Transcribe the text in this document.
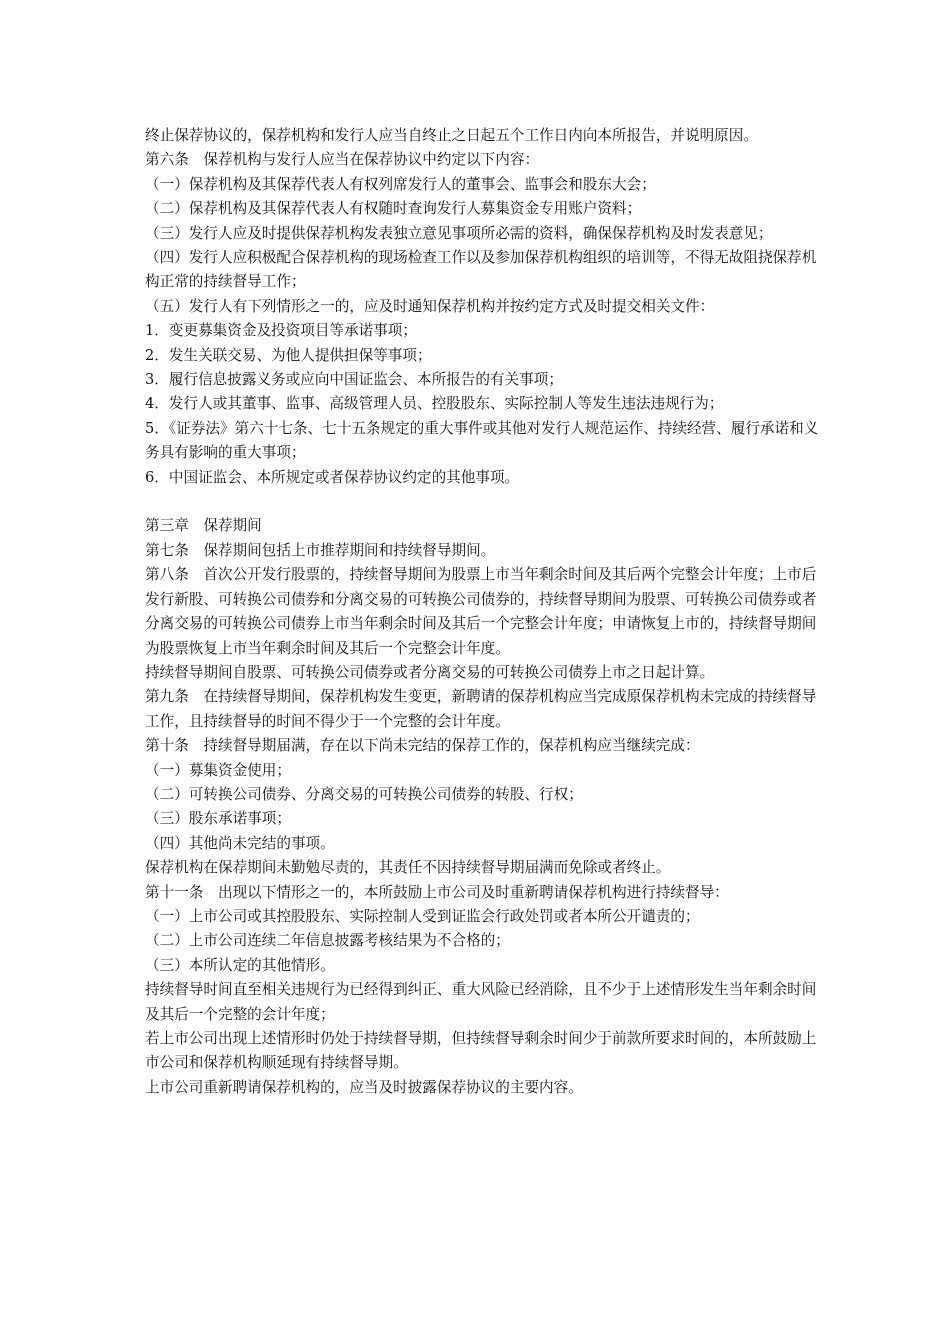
终止保荐协议的，保荐机构和发行人应当自终止之日起五个工作日内向本所报告，并说明原因。

第六条　保荐机构与发行人应当在保荐协议中约定以下内容：

（一）保荐机构及其保荐代表人有权列席发行人的董事会、监事会和股东大会；

（二）保荐机构及其保荐代表人有权随时查询发行人募集资金专用账户资料；

（三）发行人应及时提供保荐机构发表独立意见事项所必需的资料，确保保荐机构及时发表意见；

（四）发行人应积极配合保荐机构的现场检查工作以及参加保荐机构组织的培训等，不得无故阻挠保荐机构正常的持续督导工作；

（五）发行人有下列情形之一的，应及时通知保荐机构并按约定方式及时提交相关文件：

1．变更募集资金及投资项目等承诺事项；

2．发生关联交易、为他人提供担保等事项；

3．履行信息披露义务或应向中国证监会、本所报告的有关事项；

4．发行人或其董事、监事、高级管理人员、控股股东、实际控制人等发生违法违规行为；

5．《证券法》第六十七条、七十五条规定的重大事件或其他对发行人规范运作、持续经营、履行承诺和义务具有影响的重大事项；

6．中国证监会、本所规定或者保荐协议约定的其他事项。

第三章　保荐期间

第七条　保荐期间包括上市推荐期间和持续督导期间。

第八条　首次公开发行股票的，持续督导期间为股票上市当年剩余时间及其后两个完整会计年度；上市后发行新股、可转换公司债券和分离交易的可转换公司债券的，持续督导期间为股票、可转换公司债券或者分离交易的可转换公司债券上市当年剩余时间及其后一个完整会计年度；申请恢复上市的，持续督导期间为股票恢复上市当年剩余时间及其后一个完整会计年度。

持续督导期间自股票、可转换公司债券或者分离交易的可转换公司债券上市之日起计算。

第九条　在持续督导期间，保荐机构发生变更，新聘请的保荐机构应当完成原保荐机构未完成的持续督导工作，且持续督导的时间不得少于一个完整的会计年度。

第十条　持续督导期届满，存在以下尚未完结的保荐工作的，保荐机构应当继续完成：

（一）募集资金使用；

（二）可转换公司债券、分离交易的可转换公司债券的转股、行权；

（三）股东承诺事项；

（四）其他尚未完结的事项。

保荐机构在保荐期间未勤勉尽责的，其责任不因持续督导期届满而免除或者终止。

第十一条　出现以下情形之一的，本所鼓励上市公司及时重新聘请保荐机构进行持续督导：

（一）上市公司或其控股股东、实际控制人受到证监会行政处罚或者本所公开谴责的；

（二）上市公司连续二年信息披露考核结果为不合格的；

（三）本所认定的其他情形。

持续督导时间直至相关违规行为已经得到纠正、重大风险已经消除，且不少于上述情形发生当年剩余时间及其后一个完整的会计年度；

若上市公司出现上述情形时仍处于持续督导期，但持续督导剩余时间少于前款所要求时间的，本所鼓励上市公司和保荐机构顺延现有持续督导期。

上市公司重新聘请保荐机构的，应当及时披露保荐协议的主要内容。
